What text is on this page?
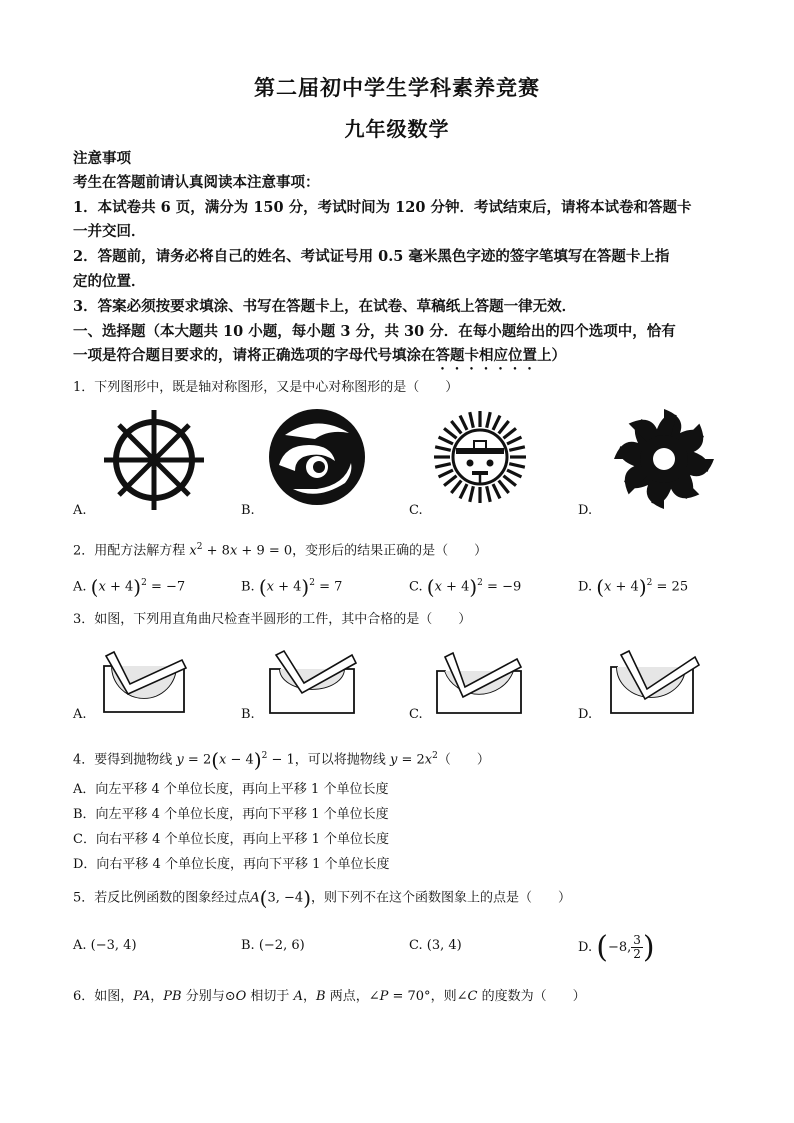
第二届初中学生学科素养竞赛
九年级数学
注意事项
考生在答题前请认真阅读本注意事项：
1．本试卷共 6 页，满分为 150 分，考试时间为 120 分钟．考试结束后，请将本试卷和答题卡
一并交回．
2．答题前，请务必将自己的姓名、考试证号用 0.5 毫米黑色字迹的签字笔填写在答题卡上指
定的位置．
3．答案必须按要求填涂、书写在答题卡上，在试卷、草稿纸上答题一律无效．
一、选择题（本大题共 10 小题，每小题 3 分，共 30 分．在每小题给出的四个选项中，恰有
一项是符合题目要求的，请将正确选项的字母代号填涂在答题卡相应位置上）
1．下列图形中，既是轴对称图形，又是中心对称图形的是（　　）
A.	B.	C.	D.
2．用配方法解方程 $x^2 + 8x + 9 = 0$，变形后的结果正确的是（　　）
A. $(x + 4)^2 = -7$	B. $(x + 4)^2 = 7$	C. $(x + 4)^2 = -9$	D. $(x + 4)^2 = 25$
3．如图，下列用直角曲尺检查半圆形的工件，其中合格的是（　　）
A.	B.	C.	D.
4．要得到抛物线 $y = 2(x - 4)^2 - 1$，可以将抛物线 $y = 2x^2$（　　）
A．向左平移 4 个单位长度，再向上平移 1 个单位长度
B．向左平移 4 个单位长度，再向下平移 1 个单位长度
C．向右平移 4 个单位长度，再向上平移 1 个单位长度
D．向右平移 4 个单位长度，再向下平移 1 个单位长度
5．若反比例函数的图象经过点A(3, −4)，则下列不在这个函数图象上的点是（　　）
A. (−3, 4)	B. (−2, 6)	C. (3, 4)	D. (−8, $\frac{3}{2}$ )
6．如图，PA，PB 分别与⊙O 相切于 A，B 两点，∠P = 70°，则∠C 的度数为（　　）
